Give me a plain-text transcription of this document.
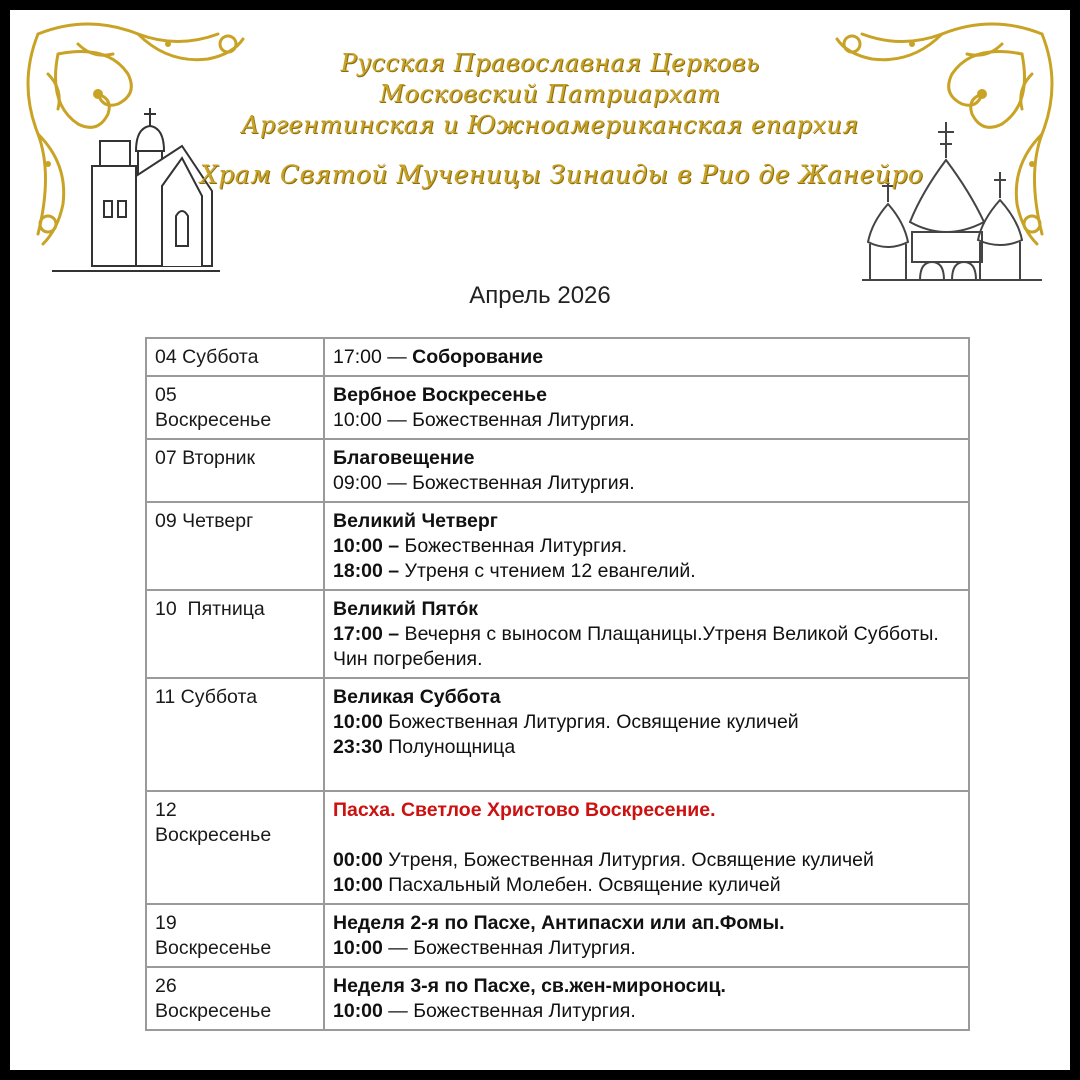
Русская Православная Церковь
Московский Патриархат
Аргентинская и Южноамериканская епархия
Храм Святой Мученицы Зинаиды в Рио де Жанейро
Апрель 2026
04 Суббота	17:00 — Соборование

05
Воскресенье	Вербное Воскресенье
10:00 — Божественная Литургия.

07 Вторник	Благовещение
09:00 — Божественная Литургия.

09 Четверг	Великий Четверг
10:00 – Божественная Литургия.
18:00 – Утреня с чтением 12 евангелий.

10 Пятница	Великий Пятóк
17:00 – Вечерня с выносом Плащаницы.Утреня Великой Субботы. Чин погребения.

11 Суббота	Великая Суббота
10:00 Божественная Литургия. Освящение куличей
23:30 Полунощница

12
Воскресенье	Пасха. Светлое Христово Воскресение.
00:00 Утреня, Божественная Литургия. Освящение куличей
10:00 Пасхальный Молебен. Освящение куличей

19
Воскресенье	Неделя 2-я по Пасхе, Антипасхи или ап.Фомы.
10:00 — Божественная Литургия.

26
Воскресенье	Неделя 3-я по Пасхе, св.жен-мироносиц.
10:00 — Божественная Литургия.
